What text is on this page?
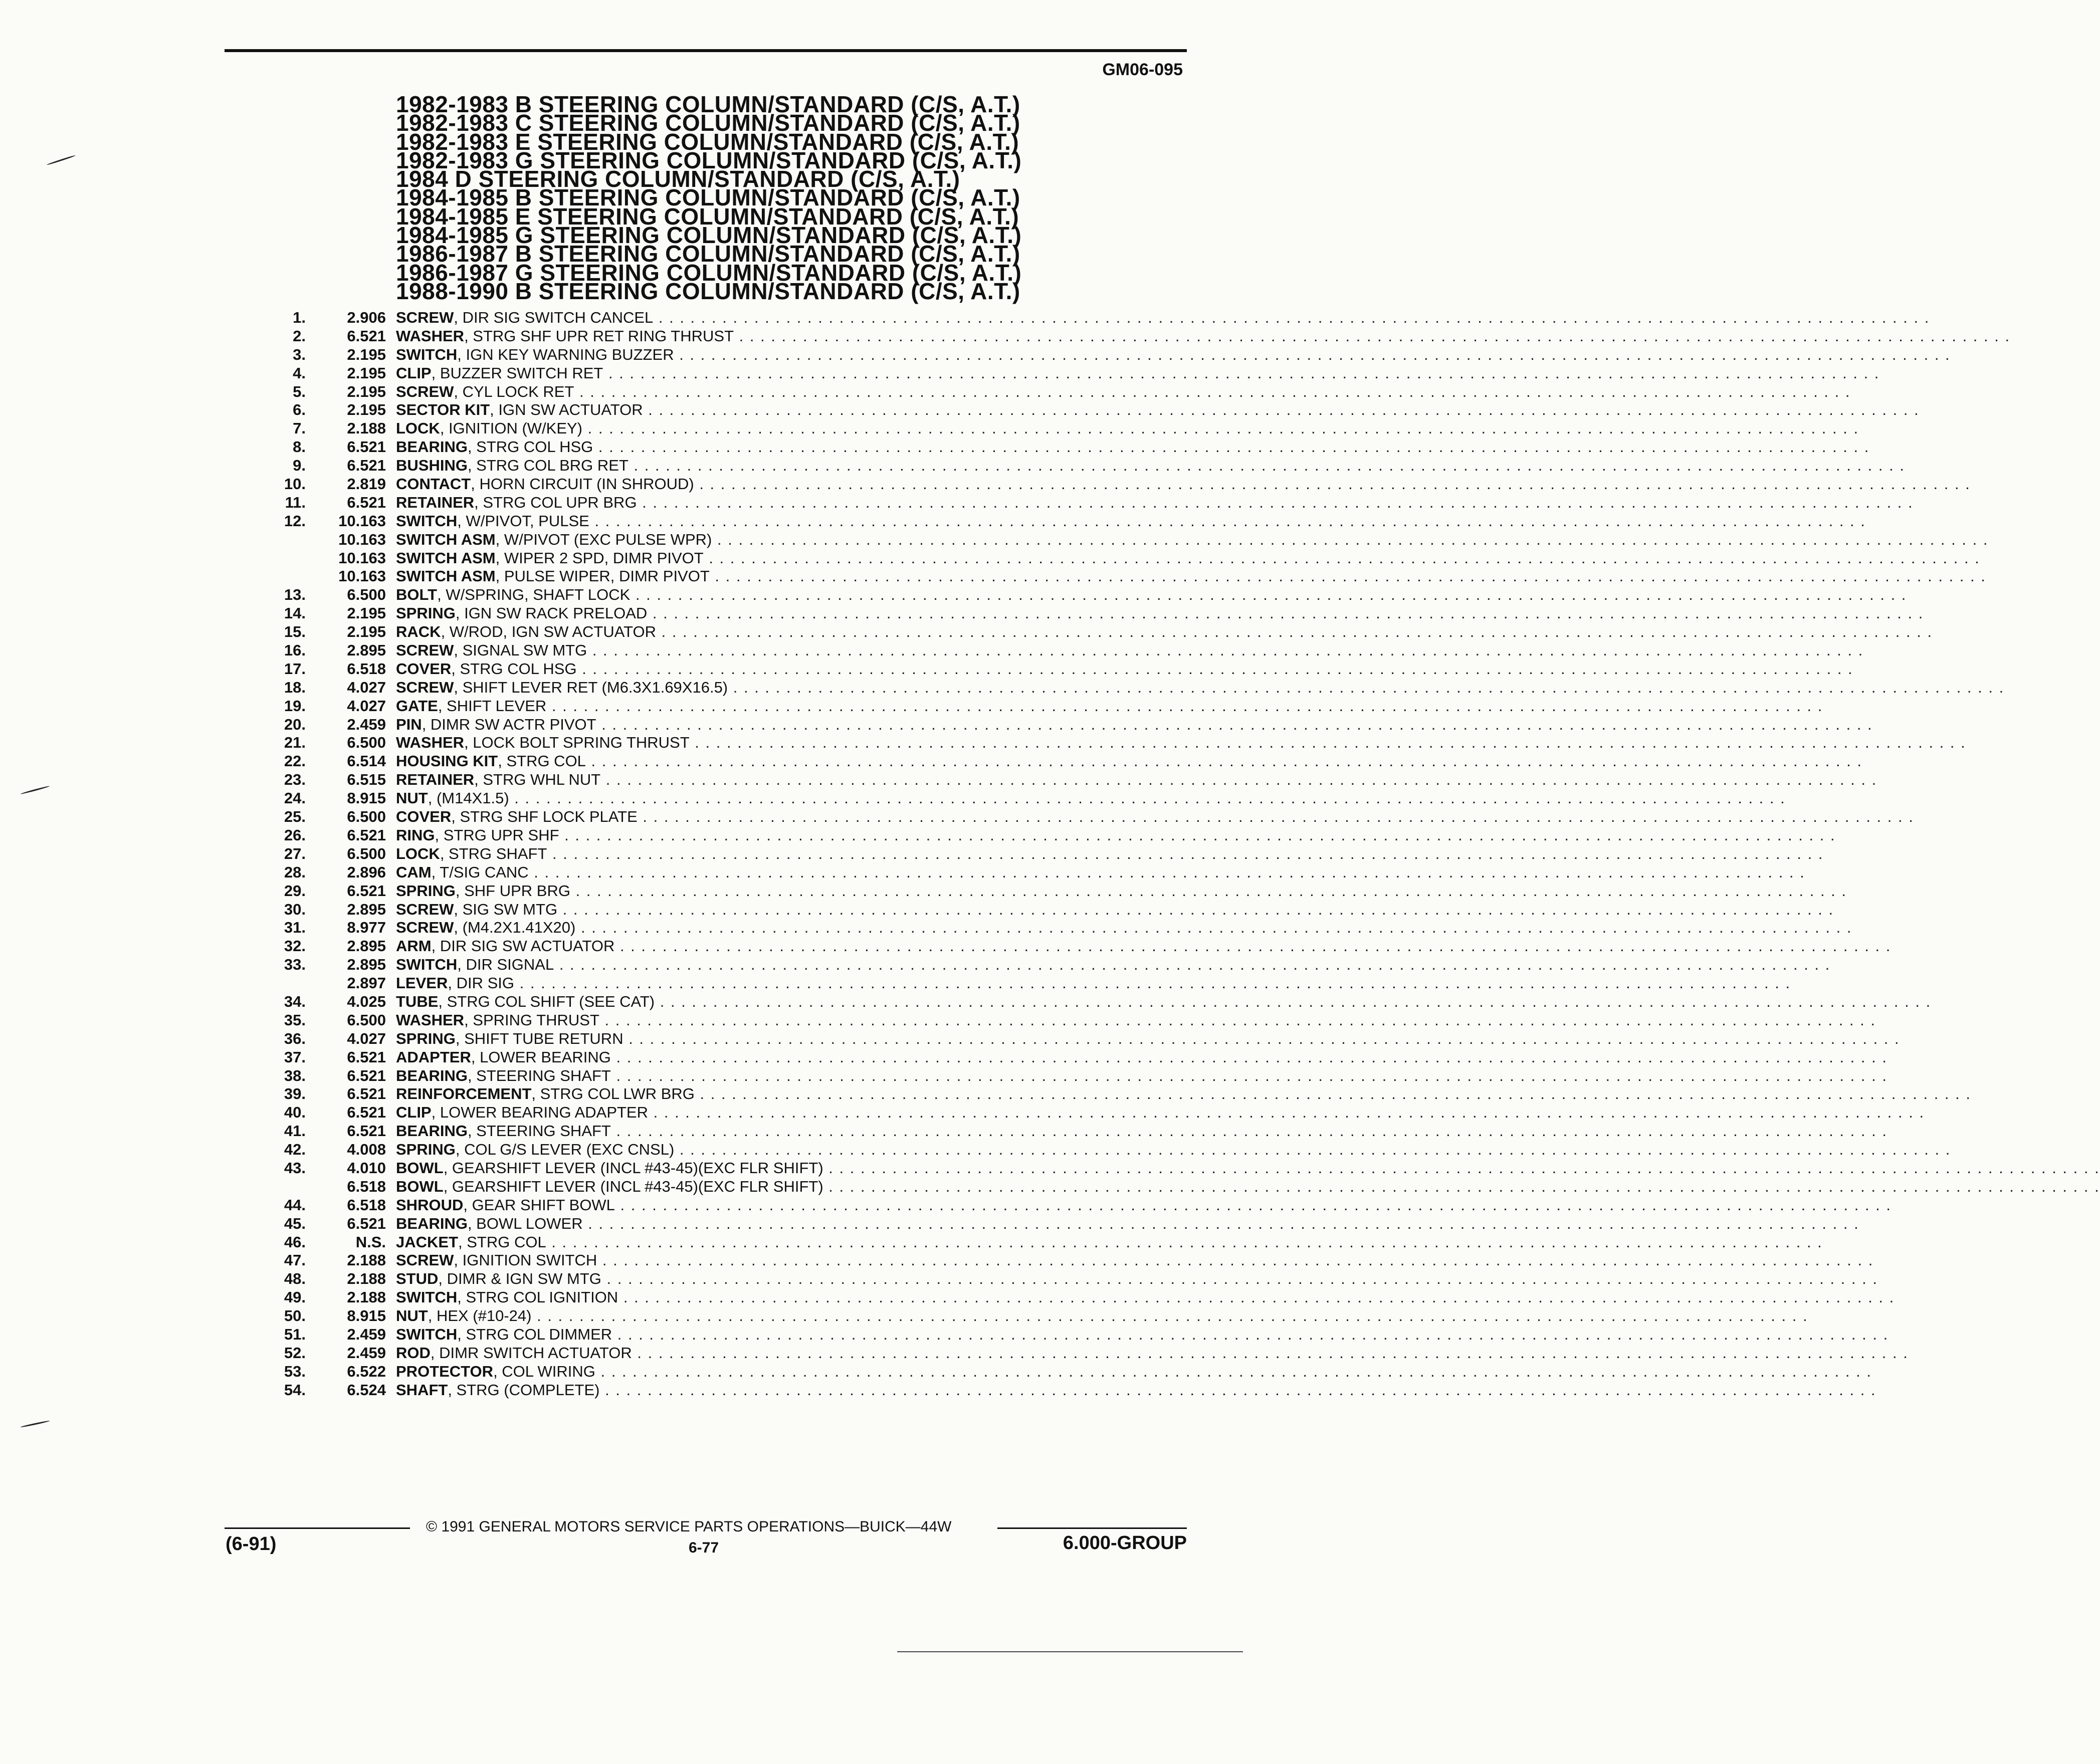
GM06-095
1982-1983 B STEERING COLUMN/STANDARD (C/S, A.T.)
1982-1983 C STEERING COLUMN/STANDARD (C/S, A.T.)
1982-1983 E STEERING COLUMN/STANDARD (C/S, A.T.)
1982-1983 G STEERING COLUMN/STANDARD (C/S, A.T.)
1984 D STEERING COLUMN/STANDARD (C/S, A.T.)
1984-1985 B STEERING COLUMN/STANDARD (C/S, A.T.)
1984-1985 E STEERING COLUMN/STANDARD (C/S, A.T.)
1984-1985 G STEERING COLUMN/STANDARD (C/S, A.T.)
1986-1987 B STEERING COLUMN/STANDARD (C/S, A.T.)
1986-1987 G STEERING COLUMN/STANDARD (C/S, A.T.)
1988-1990 B STEERING COLUMN/STANDARD (C/S, A.T.)
1.	2.906 SCREW, DIR SIG SWITCH CANCEL . . . . . . . . . . . . . . . . . . . . . . . . . . . . . . . . . . . . . . . . . . . . . . . . . . . . . . . . . . . . . . . . . . . . . . . . . . . . . . . . . . . . . . . . . . . . . . . . . . . . . . . . . . . . . . . . . . . . . . . .
2.	6.521 WASHER, STRG SHF UPR RET RING THRUST . . . . . . . . . . . . . . . . . . . . . . . . . . . . . . . . . . . . . . . . . . . . . . . . . . . . . . . . . . . . . . . . . . . . . . . . . . . . . . . . . . . . . . . . . . . . . . . . . . . . . . . . . . . . . . . . . . . . . . . .
3.	2.195 SWITCH, IGN KEY WARNING BUZZER . . . . . . . . . . . . . . . . . . . . . . . . . . . . . . . . . . . . . . . . . . . . . . . . . . . . . . . . . . . . . . . . . . . . . . . . . . . . . . . . . . . . . . . . . . . . . . . . . . . . . . . . . . . . . . . . . . . . . . . .
4.	2.195 CLIP, BUZZER SWITCH RET . . . . . . . . . . . . . . . . . . . . . . . . . . . . . . . . . . . . . . . . . . . . . . . . . . . . . . . . . . . . . . . . . . . . . . . . . . . . . . . . . . . . . . . . . . . . . . . . . . . . . . . . . . . . . . . . . . . . . . . .
5.	2.195 SCREW, CYL LOCK RET . . . . . . . . . . . . . . . . . . . . . . . . . . . . . . . . . . . . . . . . . . . . . . . . . . . . . . . . . . . . . . . . . . . . . . . . . . . . . . . . . . . . . . . . . . . . . . . . . . . . . . . . . . . . . . . . . . . . . . . .
6.	2.195 SECTOR KIT, IGN SW ACTUATOR . . . . . . . . . . . . . . . . . . . . . . . . . . . . . . . . . . . . . . . . . . . . . . . . . . . . . . . . . . . . . . . . . . . . . . . . . . . . . . . . . . . . . . . . . . . . . . . . . . . . . . . . . . . . . . . . . . . . . . . .
7.	2.188 LOCK, IGNITION (W/KEY) . . . . . . . . . . . . . . . . . . . . . . . . . . . . . . . . . . . . . . . . . . . . . . . . . . . . . . . . . . . . . . . . . . . . . . . . . . . . . . . . . . . . . . . . . . . . . . . . . . . . . . . . . . . . . . . . . . . . . . . .
8.	6.521 BEARING, STRG COL HSG . . . . . . . . . . . . . . . . . . . . . . . . . . . . . . . . . . . . . . . . . . . . . . . . . . . . . . . . . . . . . . . . . . . . . . . . . . . . . . . . . . . . . . . . . . . . . . . . . . . . . . . . . . . . . . . . . . . . . . . .
9.	6.521 BUSHING, STRG COL BRG RET . . . . . . . . . . . . . . . . . . . . . . . . . . . . . . . . . . . . . . . . . . . . . . . . . . . . . . . . . . . . . . . . . . . . . . . . . . . . . . . . . . . . . . . . . . . . . . . . . . . . . . . . . . . . . . . . . . . . . . . .
10.	2.819 CONTACT, HORN CIRCUIT (IN SHROUD) . . . . . . . . . . . . . . . . . . . . . . . . . . . . . . . . . . . . . . . . . . . . . . . . . . . . . . . . . . . . . . . . . . . . . . . . . . . . . . . . . . . . . . . . . . . . . . . . . . . . . . . . . . . . . . . . . . . . . . . .
11.	6.521 RETAINER, STRG COL UPR BRG . . . . . . . . . . . . . . . . . . . . . . . . . . . . . . . . . . . . . . . . . . . . . . . . . . . . . . . . . . . . . . . . . . . . . . . . . . . . . . . . . . . . . . . . . . . . . . . . . . . . . . . . . . . . . . . . . . . . . . . .
12.	10.163 SWITCH, W/PIVOT, PULSE . . . . . . . . . . . . . . . . . . . . . . . . . . . . . . . . . . . . . . . . . . . . . . . . . . . . . . . . . . . . . . . . . . . . . . . . . . . . . . . . . . . . . . . . . . . . . . . . . . . . . . . . . . . . . . . . . . . . . . . .
10.163 SWITCH ASM, W/PIVOT (EXC PULSE WPR) . . . . . . . . . . . . . . . . . . . . . . . . . . . . . . . . . . . . . . . . . . . . . . . . . . . . . . . . . . . . . . . . . . . . . . . . . . . . . . . . . . . . . . . . . . . . . . . . . . . . . . . . . . . . . . . . . . . . . . . .
10.163 SWITCH ASM, WIPER 2 SPD, DIMR PIVOT . . . . . . . . . . . . . . . . . . . . . . . . . . . . . . . . . . . . . . . . . . . . . . . . . . . . . . . . . . . . . . . . . . . . . . . . . . . . . . . . . . . . . . . . . . . . . . . . . . . . . . . . . . . . . . . . . . . . . . . .
10.163 SWITCH ASM, PULSE WIPER, DIMR PIVOT . . . . . . . . . . . . . . . . . . . . . . . . . . . . . . . . . . . . . . . . . . . . . . . . . . . . . . . . . . . . . . . . . . . . . . . . . . . . . . . . . . . . . . . . . . . . . . . . . . . . . . . . . . . . . . . . . . . . . . . .
13.	6.500 BOLT, W/SPRING, SHAFT LOCK . . . . . . . . . . . . . . . . . . . . . . . . . . . . . . . . . . . . . . . . . . . . . . . . . . . . . . . . . . . . . . . . . . . . . . . . . . . . . . . . . . . . . . . . . . . . . . . . . . . . . . . . . . . . . . . . . . . . . . . .
14.	2.195 SPRING, IGN SW RACK PRELOAD . . . . . . . . . . . . . . . . . . . . . . . . . . . . . . . . . . . . . . . . . . . . . . . . . . . . . . . . . . . . . . . . . . . . . . . . . . . . . . . . . . . . . . . . . . . . . . . . . . . . . . . . . . . . . . . . . . . . . . . .
15.	2.195 RACK, W/ROD, IGN SW ACTUATOR . . . . . . . . . . . . . . . . . . . . . . . . . . . . . . . . . . . . . . . . . . . . . . . . . . . . . . . . . . . . . . . . . . . . . . . . . . . . . . . . . . . . . . . . . . . . . . . . . . . . . . . . . . . . . . . . . . . . . . . .
16.	2.895 SCREW, SIGNAL SW MTG . . . . . . . . . . . . . . . . . . . . . . . . . . . . . . . . . . . . . . . . . . . . . . . . . . . . . . . . . . . . . . . . . . . . . . . . . . . . . . . . . . . . . . . . . . . . . . . . . . . . . . . . . . . . . . . . . . . . . . . .
17.	6.518 COVER, STRG COL HSG . . . . . . . . . . . . . . . . . . . . . . . . . . . . . . . . . . . . . . . . . . . . . . . . . . . . . . . . . . . . . . . . . . . . . . . . . . . . . . . . . . . . . . . . . . . . . . . . . . . . . . . . . . . . . . . . . . . . . . . .
18.	4.027 SCREW, SHIFT LEVER RET (M6.3X1.69X16.5) . . . . . . . . . . . . . . . . . . . . . . . . . . . . . . . . . . . . . . . . . . . . . . . . . . . . . . . . . . . . . . . . . . . . . . . . . . . . . . . . . . . . . . . . . . . . . . . . . . . . . . . . . . . . . . . . . . . . . . . .
19.	4.027 GATE, SHIFT LEVER . . . . . . . . . . . . . . . . . . . . . . . . . . . . . . . . . . . . . . . . . . . . . . . . . . . . . . . . . . . . . . . . . . . . . . . . . . . . . . . . . . . . . . . . . . . . . . . . . . . . . . . . . . . . . . . . . . . . . . . .
20.	2.459 PIN, DIMR SW ACTR PIVOT . . . . . . . . . . . . . . . . . . . . . . . . . . . . . . . . . . . . . . . . . . . . . . . . . . . . . . . . . . . . . . . . . . . . . . . . . . . . . . . . . . . . . . . . . . . . . . . . . . . . . . . . . . . . . . . . . . . . . . . .
21.	6.500 WASHER, LOCK BOLT SPRING THRUST . . . . . . . . . . . . . . . . . . . . . . . . . . . . . . . . . . . . . . . . . . . . . . . . . . . . . . . . . . . . . . . . . . . . . . . . . . . . . . . . . . . . . . . . . . . . . . . . . . . . . . . . . . . . . . . . . . . . . . . .
22.	6.514 HOUSING KIT, STRG COL . . . . . . . . . . . . . . . . . . . . . . . . . . . . . . . . . . . . . . . . . . . . . . . . . . . . . . . . . . . . . . . . . . . . . . . . . . . . . . . . . . . . . . . . . . . . . . . . . . . . . . . . . . . . . . . . . . . . . . . .
23.	6.515 RETAINER, STRG WHL NUT . . . . . . . . . . . . . . . . . . . . . . . . . . . . . . . . . . . . . . . . . . . . . . . . . . . . . . . . . . . . . . . . . . . . . . . . . . . . . . . . . . . . . . . . . . . . . . . . . . . . . . . . . . . . . . . . . . . . . . . .
24.	8.915 NUT, (M14X1.5) . . . . . . . . . . . . . . . . . . . . . . . . . . . . . . . . . . . . . . . . . . . . . . . . . . . . . . . . . . . . . . . . . . . . . . . . . . . . . . . . . . . . . . . . . . . . . . . . . . . . . . . . . . . . . . . . . . . . . . . .
25.	6.500 COVER, STRG SHF LOCK PLATE . . . . . . . . . . . . . . . . . . . . . . . . . . . . . . . . . . . . . . . . . . . . . . . . . . . . . . . . . . . . . . . . . . . . . . . . . . . . . . . . . . . . . . . . . . . . . . . . . . . . . . . . . . . . . . . . . . . . . . . .
26.	6.521 RING, STRG UPR SHF . . . . . . . . . . . . . . . . . . . . . . . . . . . . . . . . . . . . . . . . . . . . . . . . . . . . . . . . . . . . . . . . . . . . . . . . . . . . . . . . . . . . . . . . . . . . . . . . . . . . . . . . . . . . . . . . . . . . . . . .
27.	6.500 LOCK, STRG SHAFT . . . . . . . . . . . . . . . . . . . . . . . . . . . . . . . . . . . . . . . . . . . . . . . . . . . . . . . . . . . . . . . . . . . . . . . . . . . . . . . . . . . . . . . . . . . . . . . . . . . . . . . . . . . . . . . . . . . . . . . .
28.	2.896 CAM, T/SIG CANC . . . . . . . . . . . . . . . . . . . . . . . . . . . . . . . . . . . . . . . . . . . . . . . . . . . . . . . . . . . . . . . . . . . . . . . . . . . . . . . . . . . . . . . . . . . . . . . . . . . . . . . . . . . . . . . . . . . . . . . .
29.	6.521 SPRING, SHF UPR BRG . . . . . . . . . . . . . . . . . . . . . . . . . . . . . . . . . . . . . . . . . . . . . . . . . . . . . . . . . . . . . . . . . . . . . . . . . . . . . . . . . . . . . . . . . . . . . . . . . . . . . . . . . . . . . . . . . . . . . . . .
30.	2.895 SCREW, SIG SW MTG . . . . . . . . . . . . . . . . . . . . . . . . . . . . . . . . . . . . . . . . . . . . . . . . . . . . . . . . . . . . . . . . . . . . . . . . . . . . . . . . . . . . . . . . . . . . . . . . . . . . . . . . . . . . . . . . . . . . . . . .
31.	8.977 SCREW, (M4.2X1.41X20) . . . . . . . . . . . . . . . . . . . . . . . . . . . . . . . . . . . . . . . . . . . . . . . . . . . . . . . . . . . . . . . . . . . . . . . . . . . . . . . . . . . . . . . . . . . . . . . . . . . . . . . . . . . . . . . . . . . . . . . .
32.	2.895 ARM, DIR SIG SW ACTUATOR . . . . . . . . . . . . . . . . . . . . . . . . . . . . . . . . . . . . . . . . . . . . . . . . . . . . . . . . . . . . . . . . . . . . . . . . . . . . . . . . . . . . . . . . . . . . . . . . . . . . . . . . . . . . . . . . . . . . . . . .
33.	2.895 SWITCH, DIR SIGNAL . . . . . . . . . . . . . . . . . . . . . . . . . . . . . . . . . . . . . . . . . . . . . . . . . . . . . . . . . . . . . . . . . . . . . . . . . . . . . . . . . . . . . . . . . . . . . . . . . . . . . . . . . . . . . . . . . . . . . . . .
2.897 LEVER, DIR SIG . . . . . . . . . . . . . . . . . . . . . . . . . . . . . . . . . . . . . . . . . . . . . . . . . . . . . . . . . . . . . . . . . . . . . . . . . . . . . . . . . . . . . . . . . . . . . . . . . . . . . . . . . . . . . . . . . . . . . . . .
34.	4.025 TUBE, STRG COL SHIFT (SEE CAT) . . . . . . . . . . . . . . . . . . . . . . . . . . . . . . . . . . . . . . . . . . . . . . . . . . . . . . . . . . . . . . . . . . . . . . . . . . . . . . . . . . . . . . . . . . . . . . . . . . . . . . . . . . . . . . . . . . . . . . . .
35.	6.500 WASHER, SPRING THRUST . . . . . . . . . . . . . . . . . . . . . . . . . . . . . . . . . . . . . . . . . . . . . . . . . . . . . . . . . . . . . . . . . . . . . . . . . . . . . . . . . . . . . . . . . . . . . . . . . . . . . . . . . . . . . . . . . . . . . . . .
36.	4.027 SPRING, SHIFT TUBE RETURN . . . . . . . . . . . . . . . . . . . . . . . . . . . . . . . . . . . . . . . . . . . . . . . . . . . . . . . . . . . . . . . . . . . . . . . . . . . . . . . . . . . . . . . . . . . . . . . . . . . . . . . . . . . . . . . . . . . . . . . .
37.	6.521 ADAPTER, LOWER BEARING . . . . . . . . . . . . . . . . . . . . . . . . . . . . . . . . . . . . . . . . . . . . . . . . . . . . . . . . . . . . . . . . . . . . . . . . . . . . . . . . . . . . . . . . . . . . . . . . . . . . . . . . . . . . . . . . . . . . . . . .
38.	6.521 BEARING, STEERING SHAFT . . . . . . . . . . . . . . . . . . . . . . . . . . . . . . . . . . . . . . . . . . . . . . . . . . . . . . . . . . . . . . . . . . . . . . . . . . . . . . . . . . . . . . . . . . . . . . . . . . . . . . . . . . . . . . . . . . . . . . . .
39.	6.521 REINFORCEMENT, STRG COL LWR BRG . . . . . . . . . . . . . . . . . . . . . . . . . . . . . . . . . . . . . . . . . . . . . . . . . . . . . . . . . . . . . . . . . . . . . . . . . . . . . . . . . . . . . . . . . . . . . . . . . . . . . . . . . . . . . . . . . . . . . . . .
40.	6.521 CLIP, LOWER BEARING ADAPTER . . . . . . . . . . . . . . . . . . . . . . . . . . . . . . . . . . . . . . . . . . . . . . . . . . . . . . . . . . . . . . . . . . . . . . . . . . . . . . . . . . . . . . . . . . . . . . . . . . . . . . . . . . . . . . . . . . . . . . . .
41.	6.521 BEARING, STEERING SHAFT . . . . . . . . . . . . . . . . . . . . . . . . . . . . . . . . . . . . . . . . . . . . . . . . . . . . . . . . . . . . . . . . . . . . . . . . . . . . . . . . . . . . . . . . . . . . . . . . . . . . . . . . . . . . . . . . . . . . . . . .
42.	4.008 SPRING, COL G/S LEVER (EXC CNSL) . . . . . . . . . . . . . . . . . . . . . . . . . . . . . . . . . . . . . . . . . . . . . . . . . . . . . . . . . . . . . . . . . . . . . . . . . . . . . . . . . . . . . . . . . . . . . . . . . . . . . . . . . . . . . . . . . . . . . . . .
43.	4.010 BOWL, GEARSHIFT LEVER (INCL #43-45)(EXC FLR SHIFT) . . . . . . . . . . . . . . . . . . . . . . . . . . . . . . . . . . . . . . . . . . . . . . . . . . . . . . . . . . . . . . . . . . . . . . . . . . . . . . . . . . . . . . . . . . . . . . . . . . . . . . . . . . . . . . . . . . . . . . . .
6.518 BOWL, GEARSHIFT LEVER (INCL #43-45)(EXC FLR SHIFT) . . . . . . . . . . . . . . . . . . . . . . . . . . . . . . . . . . . . . . . . . . . . . . . . . . . . . . . . . . . . . . . . . . . . . . . . . . . . . . . . . . . . . . . . . . . . . . . . . . . . . . . . . . . . . . . . . . . . . . . .
44.	6.518 SHROUD, GEAR SHIFT BOWL . . . . . . . . . . . . . . . . . . . . . . . . . . . . . . . . . . . . . . . . . . . . . . . . . . . . . . . . . . . . . . . . . . . . . . . . . . . . . . . . . . . . . . . . . . . . . . . . . . . . . . . . . . . . . . . . . . . . . . . .
45.	6.521 BEARING, BOWL LOWER . . . . . . . . . . . . . . . . . . . . . . . . . . . . . . . . . . . . . . . . . . . . . . . . . . . . . . . . . . . . . . . . . . . . . . . . . . . . . . . . . . . . . . . . . . . . . . . . . . . . . . . . . . . . . . . . . . . . . . . .
46.	N.S. JACKET, STRG COL . . . . . . . . . . . . . . . . . . . . . . . . . . . . . . . . . . . . . . . . . . . . . . . . . . . . . . . . . . . . . . . . . . . . . . . . . . . . . . . . . . . . . . . . . . . . . . . . . . . . . . . . . . . . . . . . . . . . . . . .
47.	2.188 SCREW, IGNITION SWITCH . . . . . . . . . . . . . . . . . . . . . . . . . . . . . . . . . . . . . . . . . . . . . . . . . . . . . . . . . . . . . . . . . . . . . . . . . . . . . . . . . . . . . . . . . . . . . . . . . . . . . . . . . . . . . . . . . . . . . . . .
48.	2.188 STUD, DIMR & IGN SW MTG . . . . . . . . . . . . . . . . . . . . . . . . . . . . . . . . . . . . . . . . . . . . . . . . . . . . . . . . . . . . . . . . . . . . . . . . . . . . . . . . . . . . . . . . . . . . . . . . . . . . . . . . . . . . . . . . . . . . . . . .
49.	2.188 SWITCH, STRG COL IGNITION . . . . . . . . . . . . . . . . . . . . . . . . . . . . . . . . . . . . . . . . . . . . . . . . . . . . . . . . . . . . . . . . . . . . . . . . . . . . . . . . . . . . . . . . . . . . . . . . . . . . . . . . . . . . . . . . . . . . . . . .
50.	8.915 NUT, HEX (#10-24) . . . . . . . . . . . . . . . . . . . . . . . . . . . . . . . . . . . . . . . . . . . . . . . . . . . . . . . . . . . . . . . . . . . . . . . . . . . . . . . . . . . . . . . . . . . . . . . . . . . . . . . . . . . . . . . . . . . . . . . .
51.	2.459 SWITCH, STRG COL DIMMER . . . . . . . . . . . . . . . . . . . . . . . . . . . . . . . . . . . . . . . . . . . . . . . . . . . . . . . . . . . . . . . . . . . . . . . . . . . . . . . . . . . . . . . . . . . . . . . . . . . . . . . . . . . . . . . . . . . . . . . .
52.	2.459 ROD, DIMR SWITCH ACTUATOR . . . . . . . . . . . . . . . . . . . . . . . . . . . . . . . . . . . . . . . . . . . . . . . . . . . . . . . . . . . . . . . . . . . . . . . . . . . . . . . . . . . . . . . . . . . . . . . . . . . . . . . . . . . . . . . . . . . . . . . .
53.	6.522 PROTECTOR, COL WIRING . . . . . . . . . . . . . . . . . . . . . . . . . . . . . . . . . . . . . . . . . . . . . . . . . . . . . . . . . . . . . . . . . . . . . . . . . . . . . . . . . . . . . . . . . . . . . . . . . . . . . . . . . . . . . . . . . . . . . . . .
54.	6.524 SHAFT, STRG (COMPLETE) . . . . . . . . . . . . . . . . . . . . . . . . . . . . . . . . . . . . . . . . . . . . . . . . . . . . . . . . . . . . . . . . . . . . . . . . . . . . . . . . . . . . . . . . . . . . . . . . . . . . . . . . . . . . . . . . . . . . . . . .
© 1991 GENERAL MOTORS SERVICE PARTS OPERATIONS—BUICK—44W
(6-91)	6-77	6.000-GROUP
